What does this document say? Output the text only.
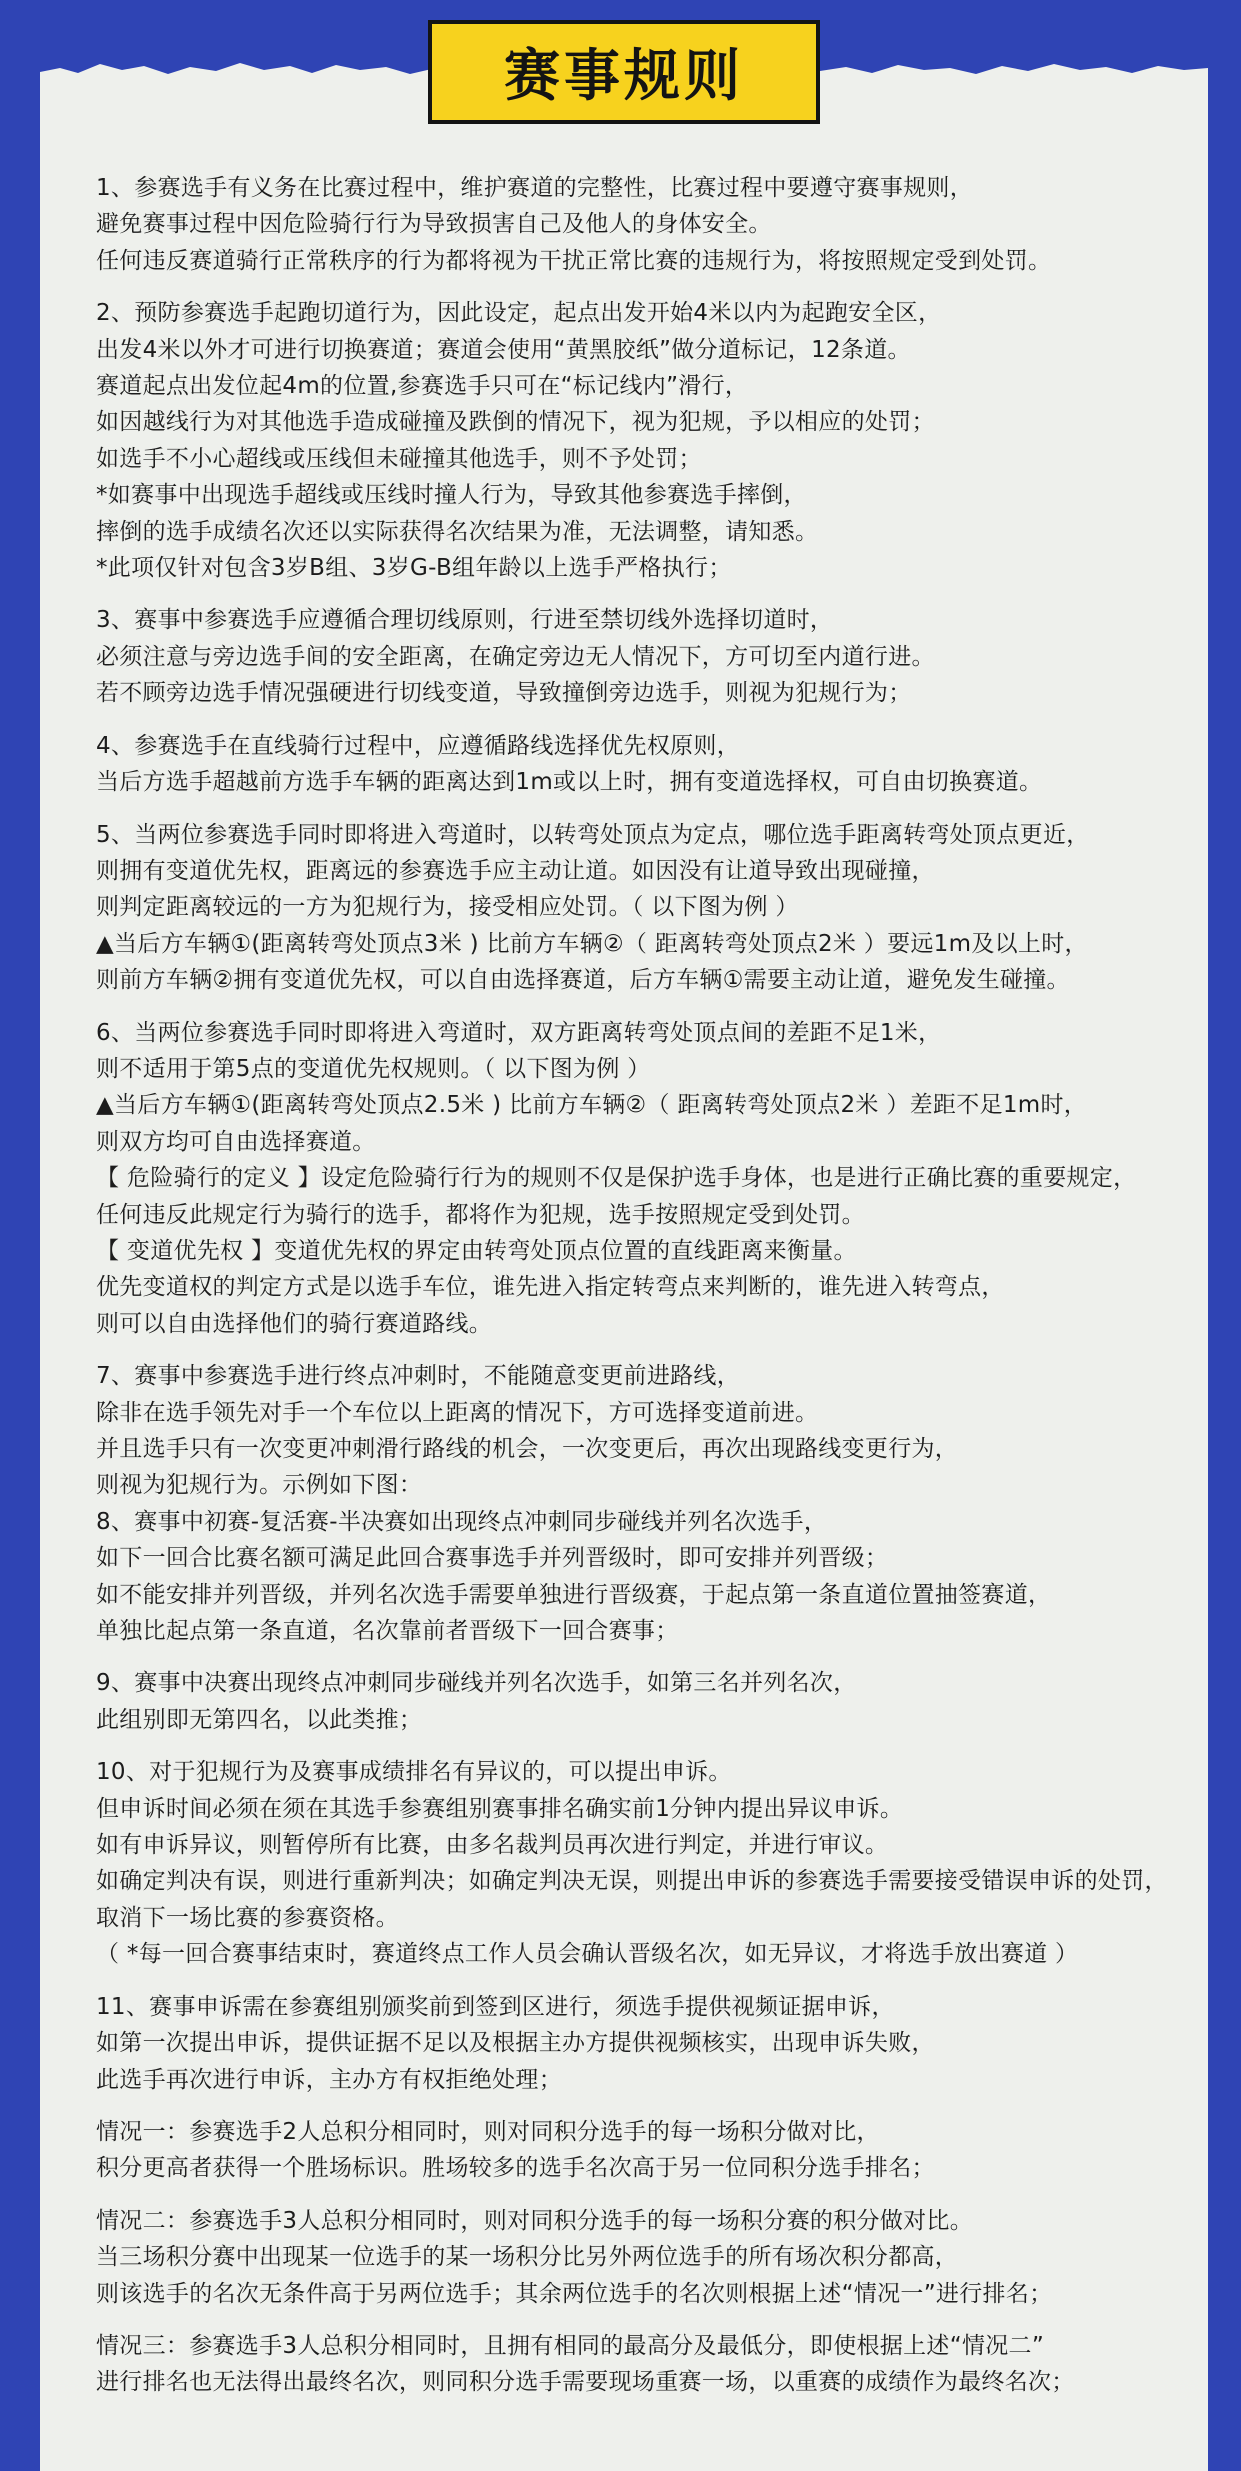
赛事规则
1、参赛选手有义务在比赛过程中，维护赛道的完整性，比赛过程中要遵守赛事规则，
避免赛事过程中因危险骑行行为导致损害自己及他人的身体安全。
任何违反赛道骑行正常秩序的行为都将视为干扰正常比赛的违规行为，将按照规定受到处罚。
2、预防参赛选手起跑切道行为，因此设定，起点出发开始4米以内为起跑安全区，
出发4米以外才可进行切换赛道；赛道会使用“黄黑胶纸”做分道标记，12条道。
赛道起点出发位起4m的位置,参赛选手只可在“标记线内”滑行，
如因越线行为对其他选手造成碰撞及跌倒的情况下，视为犯规，予以相应的处罚；
如选手不小心超线或压线但未碰撞其他选手，则不予处罚；
*如赛事中出现选手超线或压线时撞人行为，导致其他参赛选手摔倒，
摔倒的选手成绩名次还以实际获得名次结果为准，无法调整，请知悉。
*此项仅针对包含3岁B组、3岁G-B组年龄以上选手严格执行；
3、赛事中参赛选手应遵循合理切线原则，行进至禁切线外选择切道时，
必须注意与旁边选手间的安全距离，在确定旁边无人情况下，方可切至内道行进。
若不顾旁边选手情况强硬进行切线变道，导致撞倒旁边选手，则视为犯规行为；
4、参赛选手在直线骑行过程中，应遵循路线选择优先权原则，
当后方选手超越前方选手车辆的距离达到1m或以上时，拥有变道选择权，可自由切换赛道。
5、当两位参赛选手同时即将进入弯道时，以转弯处顶点为定点，哪位选手距离转弯处顶点更近，
则拥有变道优先权，距离远的参赛选手应主动让道。如因没有让道导致出现碰撞，
则判定距离较远的一方为犯规行为，接受相应处罚。（ 以下图为例 ）
▲当后方车辆①(距离转弯处顶点3米 ) 比前方车辆②（ 距离转弯处顶点2米 ）要远1m及以上时，
则前方车辆②拥有变道优先权，可以自由选择赛道，后方车辆①需要主动让道，避免发生碰撞。
6、当两位参赛选手同时即将进入弯道时，双方距离转弯处顶点间的差距不足1米，
则不适用于第5点的变道优先权规则。（ 以下图为例 ）
▲当后方车辆①(距离转弯处顶点2.5米 ) 比前方车辆②（ 距离转弯处顶点2米 ）差距不足1m时，
则双方均可自由选择赛道。
【 危险骑行的定义 】设定危险骑行行为的规则不仅是保护选手身体，也是进行正确比赛的重要规定，
任何违反此规定行为骑行的选手，都将作为犯规，选手按照规定受到处罚。
【 变道优先权 】变道优先权的界定由转弯处顶点位置的直线距离来衡量。
优先变道权的判定方式是以选手车位，谁先进入指定转弯点来判断的，谁先进入转弯点，
则可以自由选择他们的骑行赛道路线。
7、赛事中参赛选手进行终点冲刺时，不能随意变更前进路线，
除非在选手领先对手一个车位以上距离的情况下，方可选择变道前进。
并且选手只有一次变更冲刺滑行路线的机会，一次变更后，再次出现路线变更行为，
则视为犯规行为。示例如下图：
8、赛事中初赛-复活赛-半决赛如出现终点冲刺同步碰线并列名次选手，
如下一回合比赛名额可满足此回合赛事选手并列晋级时，即可安排并列晋级；
如不能安排并列晋级，并列名次选手需要单独进行晋级赛，于起点第一条直道位置抽签赛道，
单独比起点第一条直道，名次靠前者晋级下一回合赛事；
9、赛事中决赛出现终点冲刺同步碰线并列名次选手，如第三名并列名次，
此组别即无第四名，以此类推；
10、对于犯规行为及赛事成绩排名有异议的，可以提出申诉。
但申诉时间必须在须在其选手参赛组别赛事排名确实前1分钟内提出异议申诉。
如有申诉异议，则暂停所有比赛，由多名裁判员再次进行判定，并进行审议。
如确定判决有误，则进行重新判决；如确定判决无误，则提出申诉的参赛选手需要接受错误申诉的处罚，
取消下一场比赛的参赛资格。
（ *每一回合赛事结束时，赛道终点工作人员会确认晋级名次，如无异议，才将选手放出赛道 ）
11、赛事申诉需在参赛组别颁奖前到签到区进行，须选手提供视频证据申诉，
如第一次提出申诉，提供证据不足以及根据主办方提供视频核实，出现申诉失败，
此选手再次进行申诉，主办方有权拒绝处理；
情况一：参赛选手2人总积分相同时，则对同积分选手的每一场积分做对比，
积分更高者获得一个胜场标识。胜场较多的选手名次高于另一位同积分选手排名；
情况二：参赛选手3人总积分相同时，则对同积分选手的每一场积分赛的积分做对比。
当三场积分赛中出现某一位选手的某一场积分比另外两位选手的所有场次积分都高，
则该选手的名次无条件高于另两位选手；其余两位选手的名次则根据上述“情况一”进行排名；
情况三：参赛选手3人总积分相同时，且拥有相同的最高分及最低分，即使根据上述“情况二”
进行排名也无法得出最终名次，则同积分选手需要现场重赛一场，以重赛的成绩作为最终名次；
